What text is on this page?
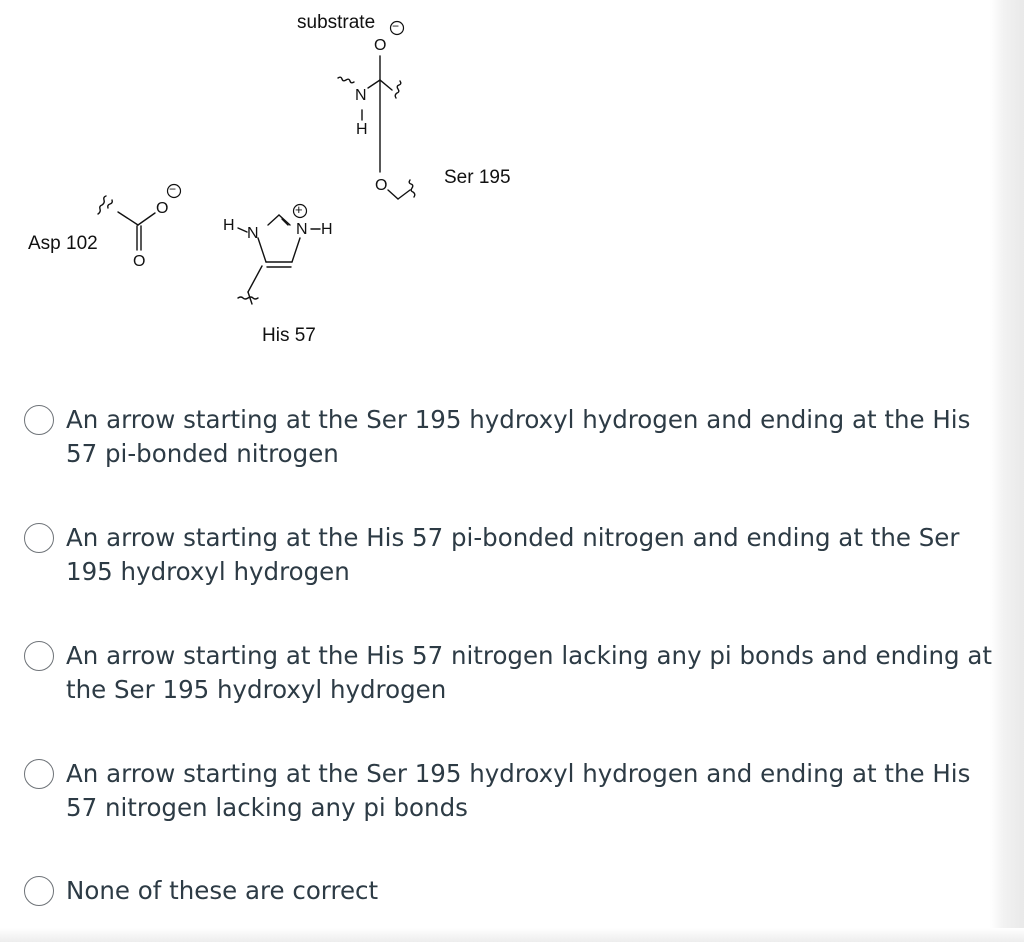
substrate −
O
N
H
O	Ser 195
Asp 102
O
−
O
H N
+
N H
His 57
An arrow starting at the Ser 195 hydroxyl hydrogen and ending at the His 57 pi-bonded nitrogen
An arrow starting at the His 57 pi-bonded nitrogen and ending at the Ser 195 hydroxyl hydrogen
An arrow starting at the His 57 nitrogen lacking any pi bonds and ending at the Ser 195 hydroxyl hydrogen
An arrow starting at the Ser 195 hydroxyl hydrogen and ending at the His 57 nitrogen lacking any pi bonds
None of these are correct
